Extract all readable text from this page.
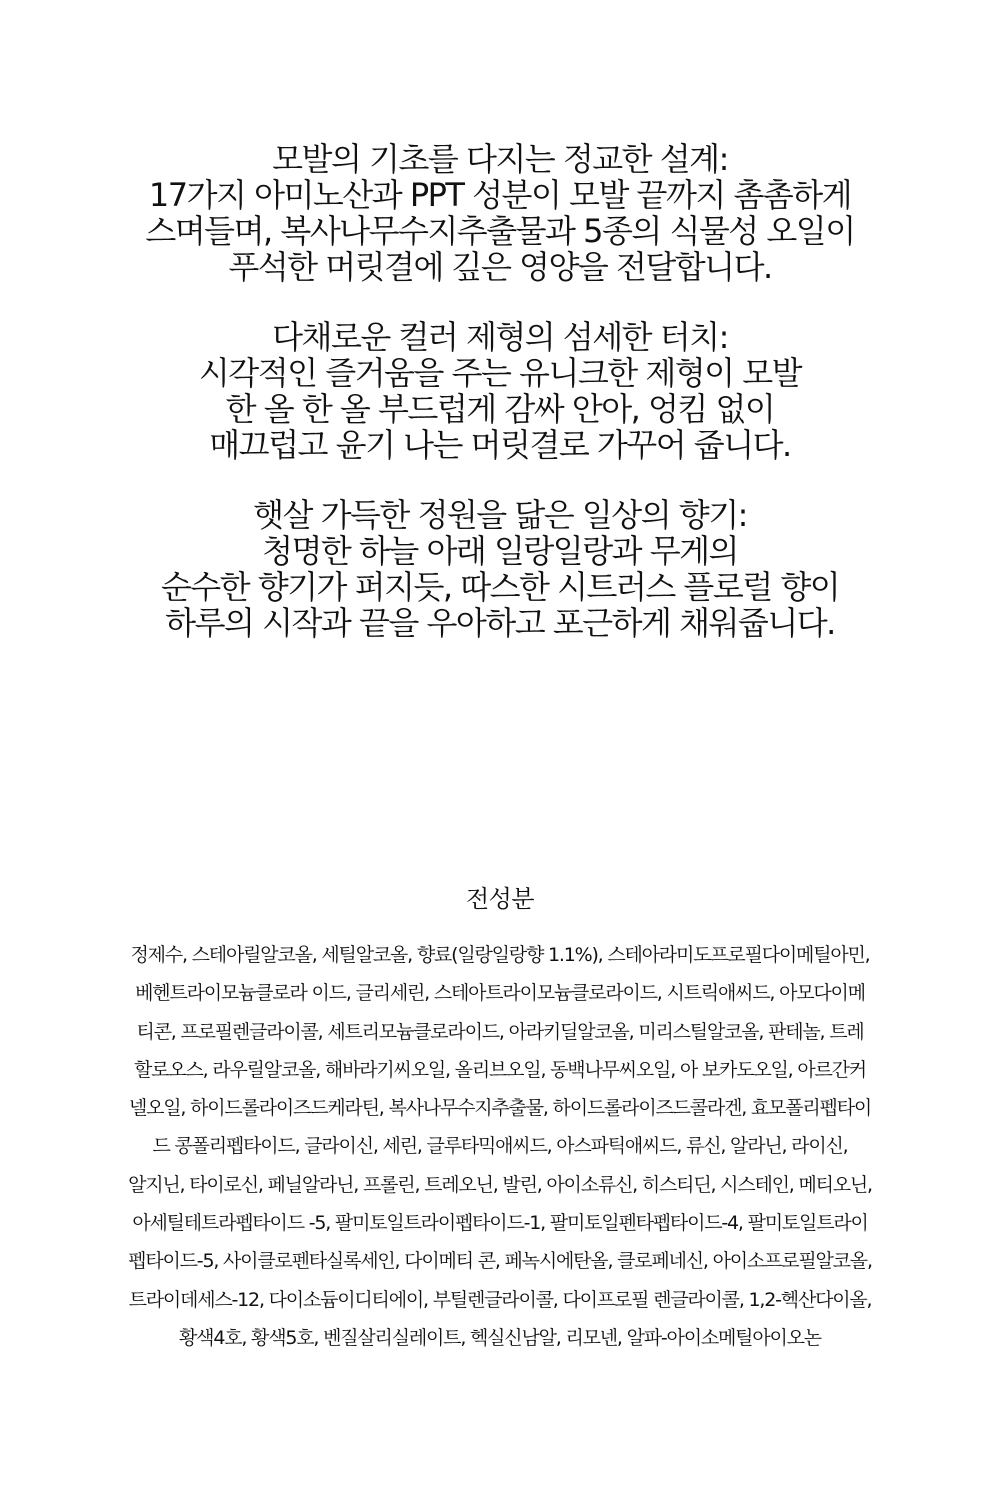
모발의 기초를 다지는 정교한 설계:
17가지 아미노산과 PPT 성분이 모발 끝까지 촘촘하게
스며들며, 복사나무수지추출물과 5종의 식물성 오일이
푸석한 머릿결에 깊은 영양을 전달합니다.
다채로운 컬러 제형의 섬세한 터치:
시각적인 즐거움을 주는 유니크한 제형이 모발
한 올 한 올 부드럽게 감싸 안아, 엉킴 없이
매끄럽고 윤기 나는 머릿결로 가꾸어 줍니다.
햇살 가득한 정원을 닮은 일상의 향기:
청명한 하늘 아래 일랑일랑과 무게의
순수한 향기가 퍼지듯, 따스한 시트러스 플로럴 향이
하루의 시작과 끝을 우아하고 포근하게 채워줍니다.
전성분
정제수, 스테아릴알코올, 세틸알코올, 향료(일랑일랑향 1.1%), 스테아라미도프로필다이메틸아민,
베헨트라이모늄클로라 이드, 글리세린, 스테아트라이모늄클로라이드, 시트릭애씨드, 아모다이메
티콘, 프로필렌글라이콜, 세트리모늄클로라이드, 아라키딜알코올, 미리스틸알코올, 판테놀, 트레
할로오스, 라우릴알코올, 해바라기씨오일, 올리브오일, 동백나무씨오일, 아 보카도오일, 아르간커
넬오일, 하이드롤라이즈드케라틴, 복사나무수지추출물, 하이드롤라이즈드콜라겐, 효모폴리펩타이
드 콩폴리펩타이드, 글라이신, 세린, 글루타믹애씨드, 아스파틱애씨드, 류신, 알라닌, 라이신,
알지닌, 타이로신, 페닐알라닌, 프롤린, 트레오닌, 발린, 아이소류신, 히스티딘, 시스테인, 메티오닌,
아세틸테트라펩타이드 -5, 팔미토일트라이펩타이드-1, 팔미토일펜타펩타이드-4, 팔미토일트라이
펩타이드-5, 사이클로펜타실록세인, 다이메티 콘, 페녹시에탄올, 클로페네신, 아이소프로필알코올,
트라이데세스-12, 다이소듐이디티에이, 부틸렌글라이콜, 다이프로필 렌글라이콜, 1,2-헥산다이올,
황색4호, 황색5호, 벤질살리실레이트, 헥실신남알, 리모넨, 알파-아이소메틸아이오논
